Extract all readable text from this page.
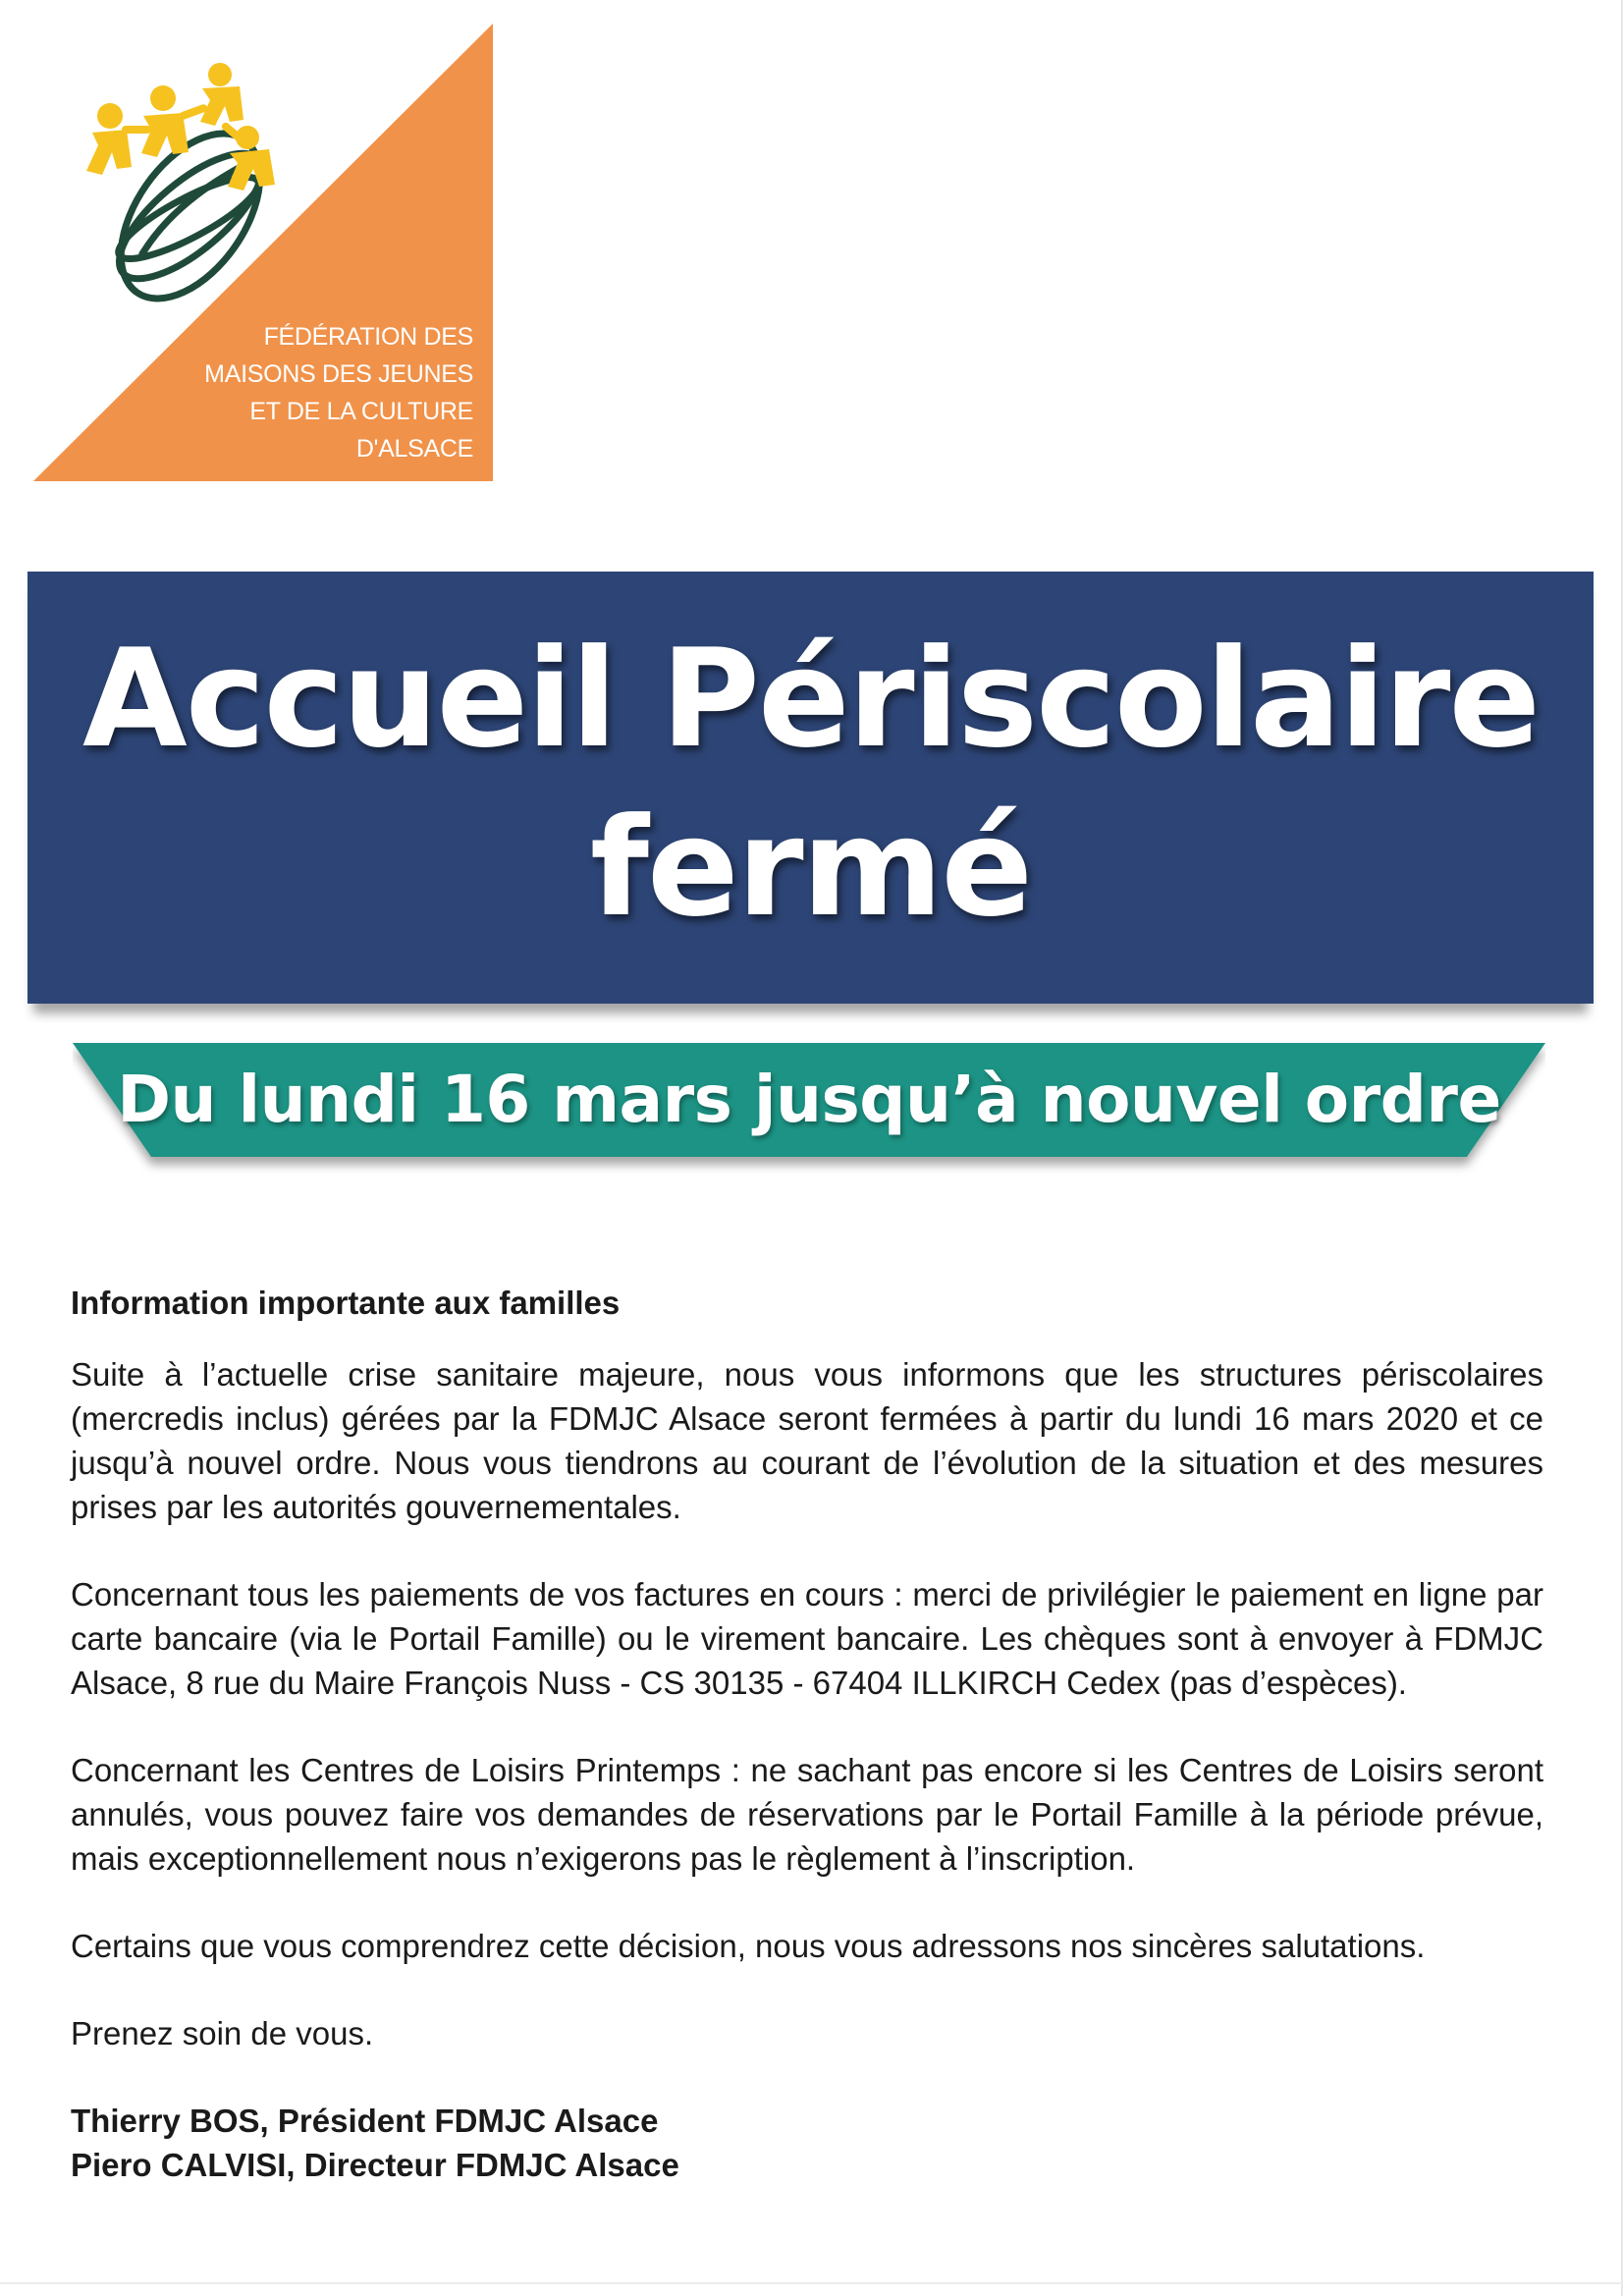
FÉDÉRATION DES
MAISONS DES JEUNES
ET DE LA CULTURE
D'ALSACE
Accueil Périscolaire
fermé
Du lundi 16 mars jusqu’à nouvel ordre

Information importante aux familles

Suite à l’actuelle crise sanitaire majeure, nous vous informons que les structures périscolaires (mercredis inclus) gérées par la FDMJC Alsace seront fermées à partir du lundi 16 mars 2020 et ce jusqu’à nouvel ordre. Nous vous tiendrons au courant de l’évolution de la situation et des mesures prises par les autorités gouvernementales.

Concernant tous les paiements de vos factures en cours : merci de privilégier le paiement en ligne par carte bancaire (via le Portail Famille) ou le virement bancaire. Les chèques sont à envoyer à FDMJC Alsace, 8 rue du Maire François Nuss - CS 30135 - 67404 ILLKIRCH Cedex (pas d’espèces).

Concernant les Centres de Loisirs Printemps : ne sachant pas encore si les Centres de Loisirs seront annulés, vous pouvez faire vos demandes de réservations par le Portail Famille à la période prévue, mais exceptionnellement nous n’exigerons pas le règlement à l’inscription.

Certains que vous comprendrez cette décision, nous vous adressons nos sincères salutations.

Prenez soin de vous.

Thierry BOS, Président FDMJC Alsace
Piero CALVISI, Directeur FDMJC Alsace
